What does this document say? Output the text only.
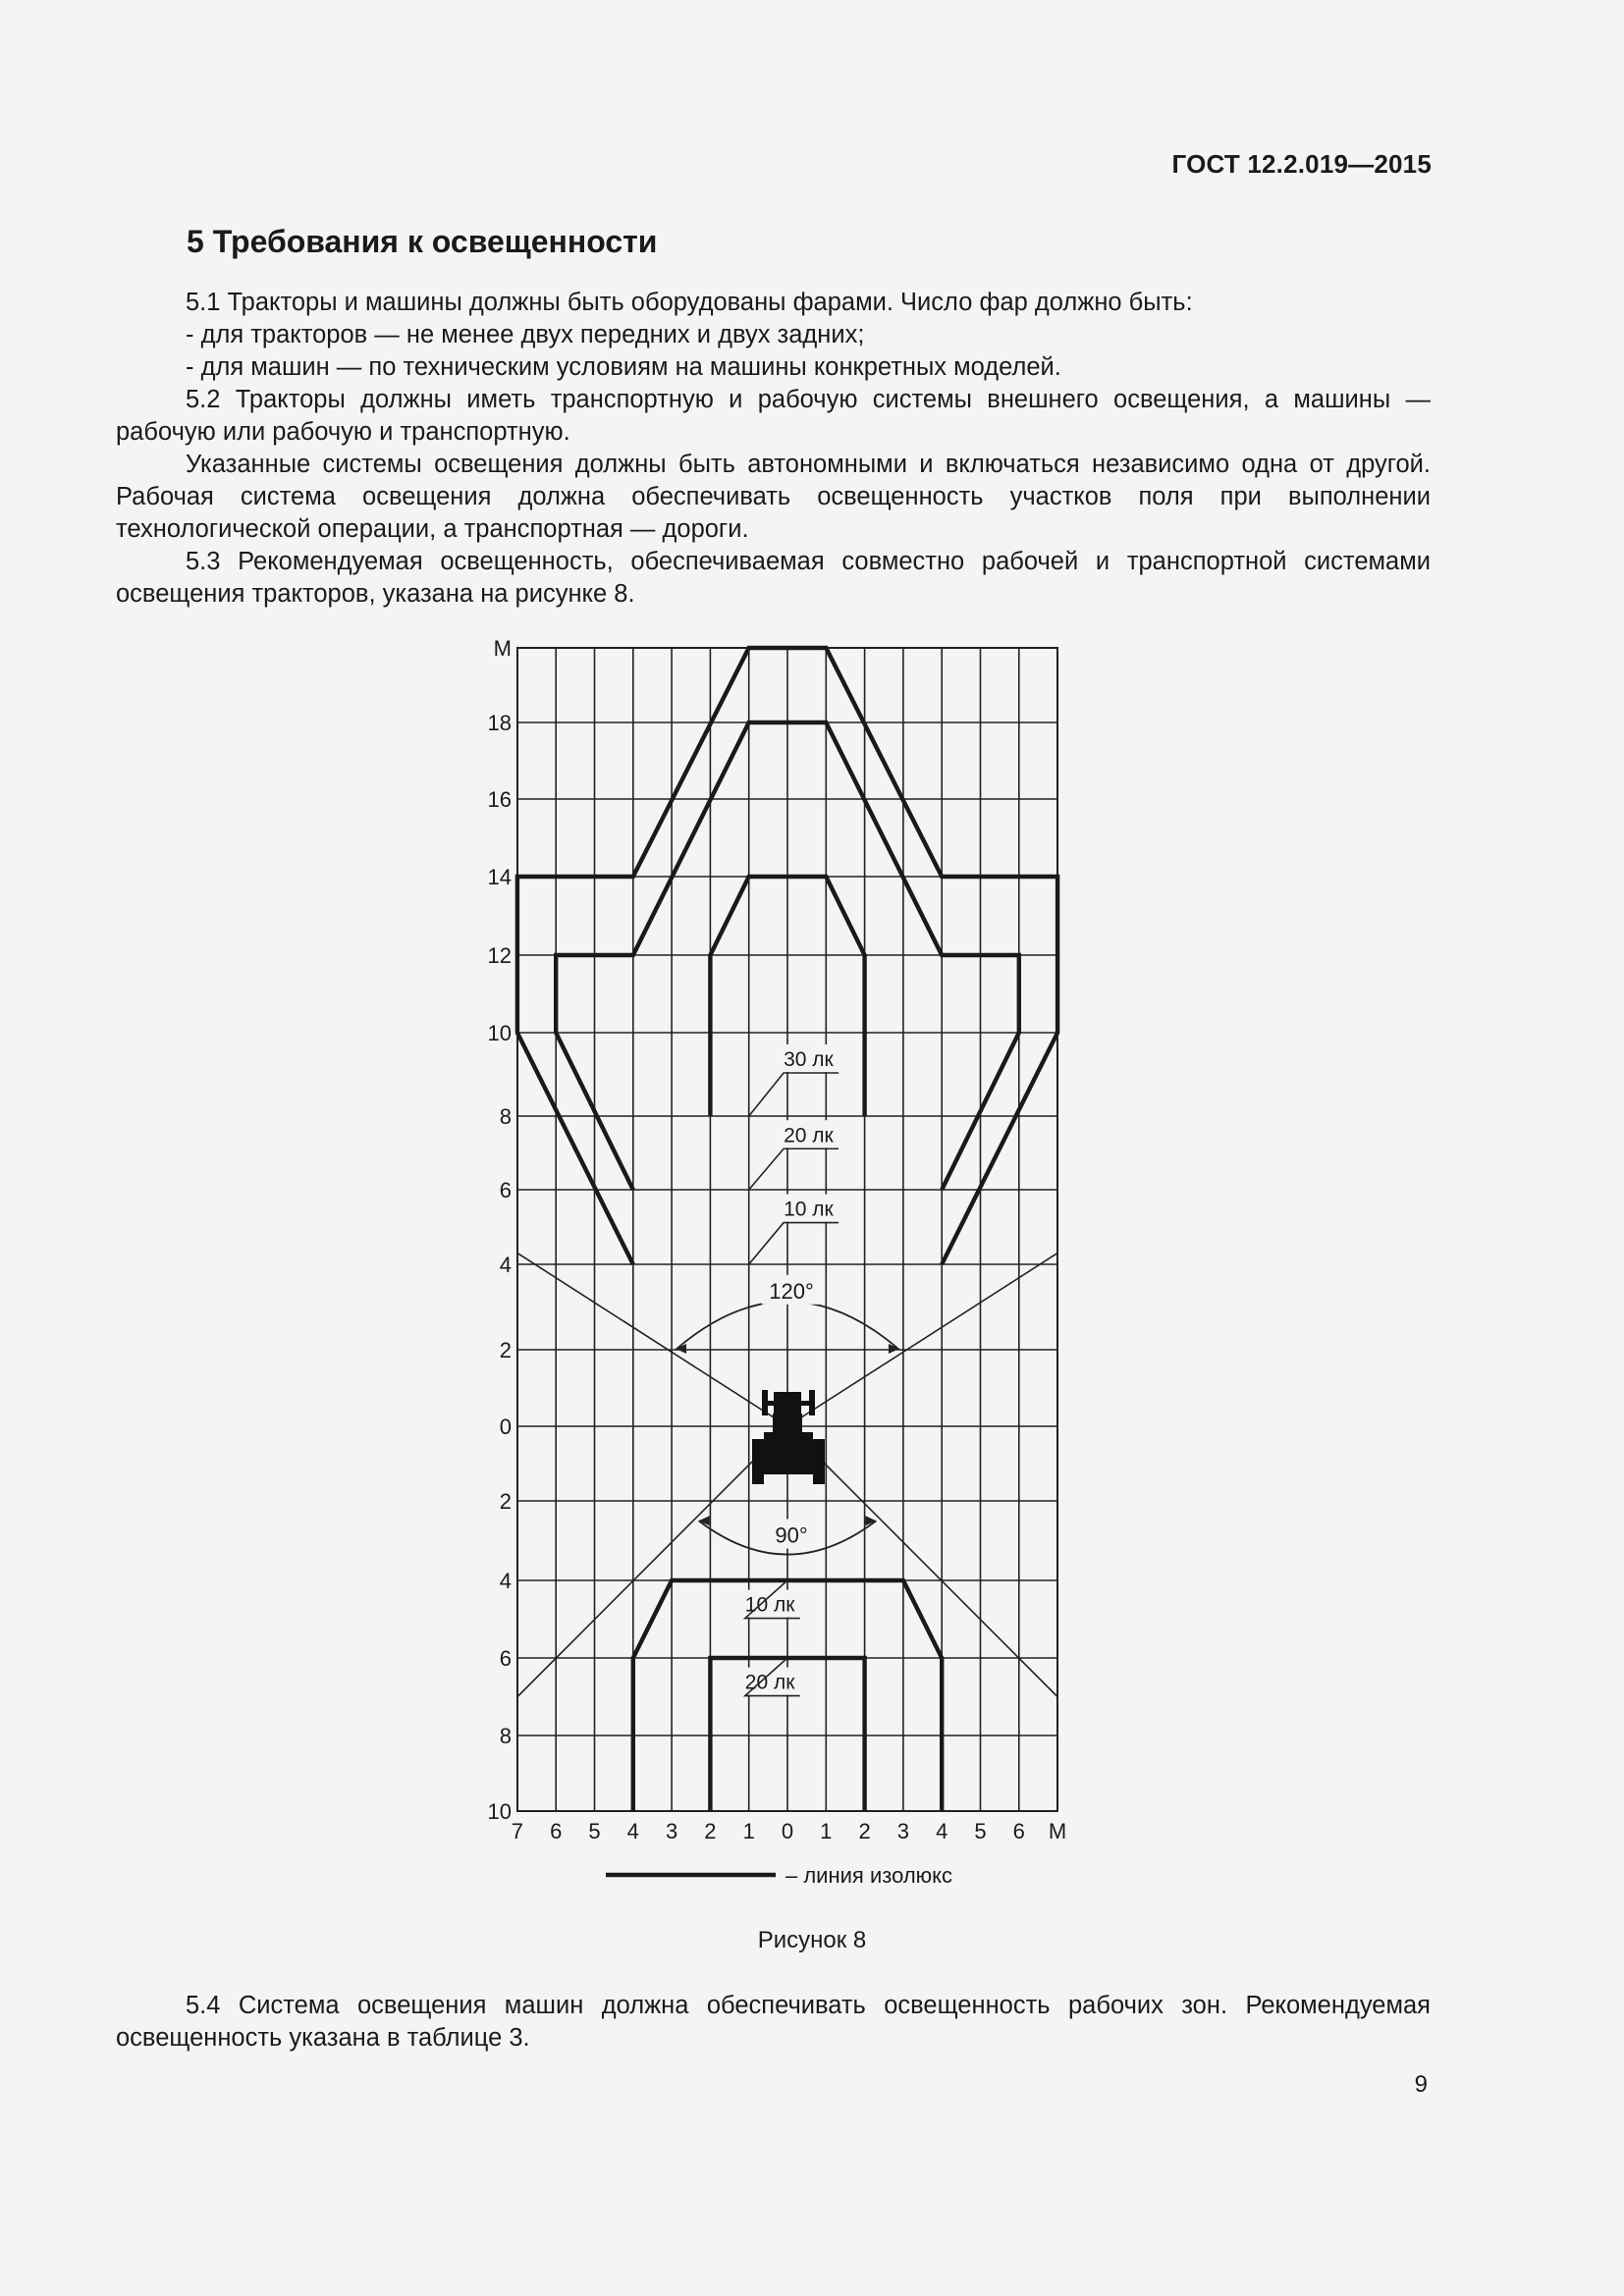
ГОСТ 12.2.019—2015
5 Требования к освещенности

5.1 Тракторы и машины должны быть оборудованы фарами. Число фар должно быть:

- для тракторов — не менее двух передних и двух задних;

- для машин — по техническим условиям на машины конкретных моделей.

5.2 Тракторы должны иметь транспортную и рабочую системы внешнего освещения, а машины — рабочую или рабочую и транспортную.

Указанные системы освещения должны быть автономными и включаться независимо одна от другой. Рабочая система освещения должна обеспечивать освещенность участков поля при выполнении технологической операции, а транспортная — дороги.

5.3 Рекомендуемая освещенность, обеспечиваемая совместно рабочей и транспортной системами освещения тракторов, указана на рисунке 8.

М
18
16
14
12
10
8
6
4
2
0
2
4
6
8
10
7 6 5 4 3 2 1 0 1 2 3 4 5 6 М
120°
90°
30 лк
20 лк
10 лк
10 лк
20 лк
– линия изолюкс
Рисунок 8

5.4 Система освещения машин должна обеспечивать освещенность рабочих зон. Рекомендуемая освещенность указана в таблице 3.

9
